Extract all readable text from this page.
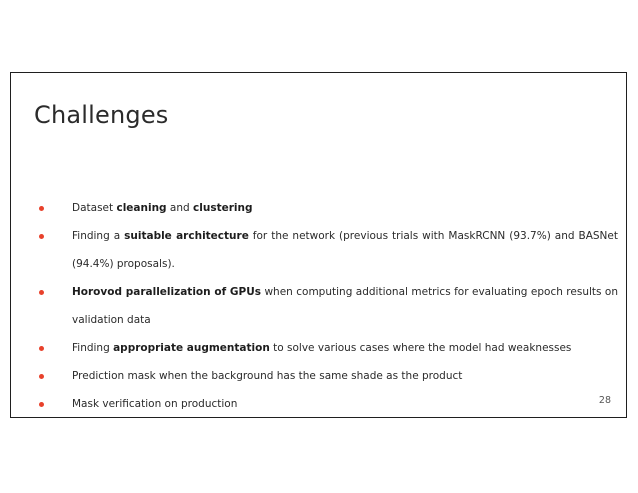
Challenges
Dataset cleaning and clustering
Finding a suitable architecture for the network (previous trials with MaskRCNN (93.7%) and BASNet (94.4%) proposals).
Horovod parallelization of GPUs when computing additional metrics for evaluating epoch results on validation data
Finding appropriate augmentation to solve various cases where the model had weaknesses
Prediction mask when the background has the same shade as the product
Mask verification on production	28
